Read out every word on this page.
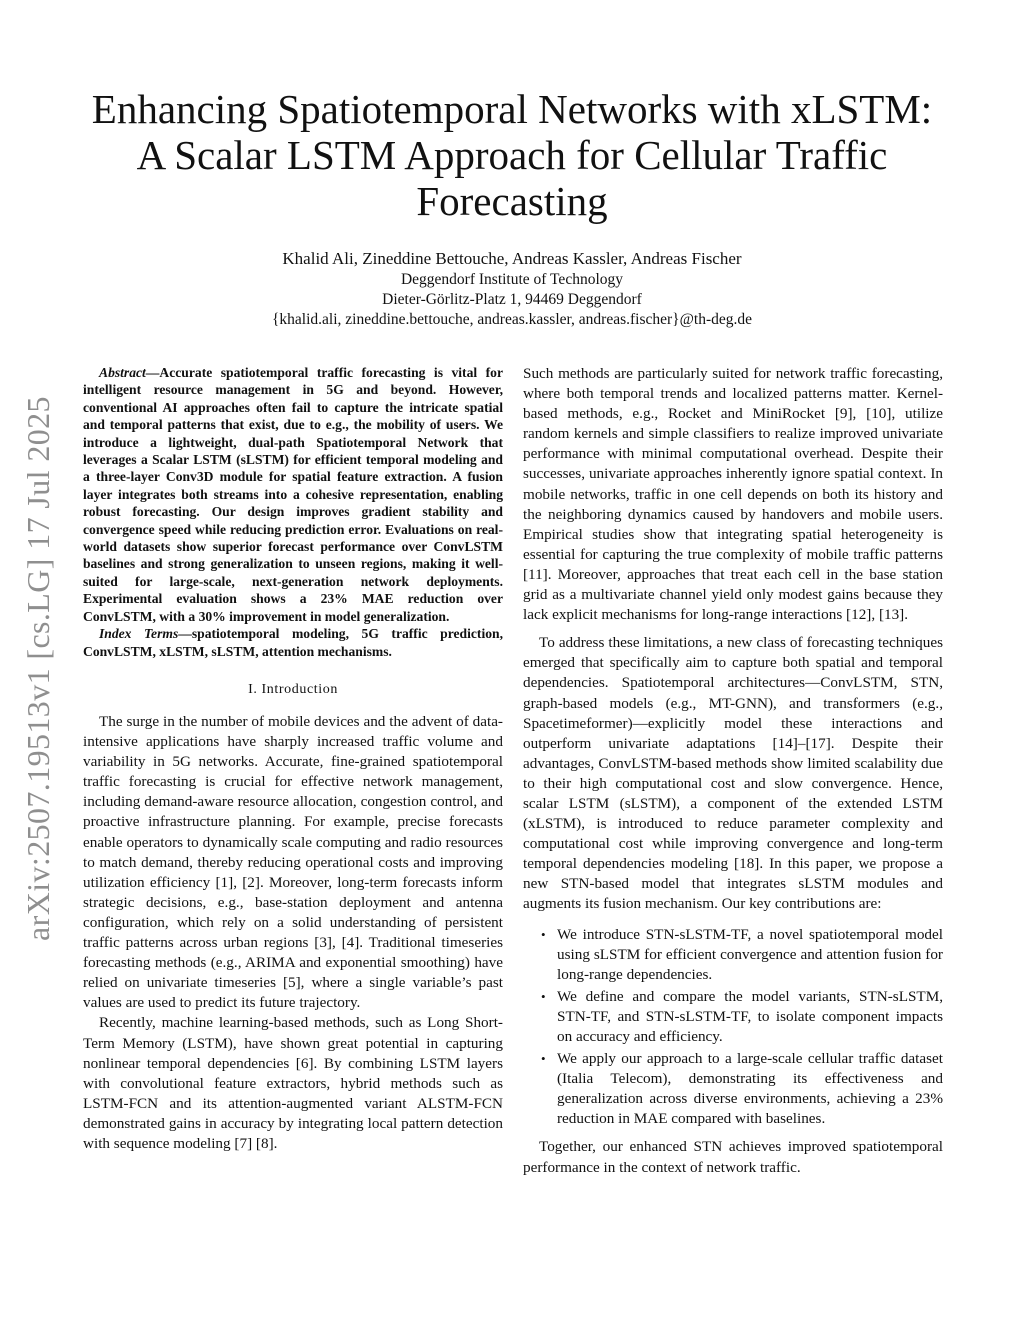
arXiv:2507.19513v1 [cs.LG] 17 Jul 2025

Enhancing Spatiotemporal Networks with xLSTM:

A Scalar LSTM Approach for Cellular Traffic

Forecasting

Khalid Ali, Zineddine Bettouche, Andreas Kassler, Andreas Fischer
Deggendorf Institute of Technology
Dieter-Görlitz-Platz 1, 94469 Deggendorf
{khalid.ali, zineddine.bettouche, andreas.kassler, andreas.fischer}@th-deg.de

Abstract—Accurate spatiotemporal traffic forecasting is vital for intelligent resource management in 5G and beyond. However, conventional AI approaches often fail to capture the intricate spatial and temporal patterns that exist, due to e.g., the mobility of users. We introduce a lightweight, dual-path Spatiotemporal Network that leverages a Scalar LSTM (sLSTM) for efficient temporal modeling and a three-layer Conv3D module for spatial feature extraction. A fusion layer integrates both streams into a cohesive representation, enabling robust forecasting. Our design improves gradient stability and convergence speed while reducing prediction error. Evaluations on real-world datasets show superior forecast performance over ConvLSTM baselines and strong generalization to unseen regions, making it well-suited for large-scale, next-generation network deployments. Experimental evaluation shows a 23% MAE reduction over ConvLSTM, with a 30% improvement in model generalization.

Index Terms—spatiotemporal modeling, 5G traffic prediction, ConvLSTM, xLSTM, sLSTM, attention mechanisms.

I. Introduction

The surge in the number of mobile devices and the advent of data-intensive applications have sharply increased traffic volume and variability in 5G networks. Accurate, fine-grained spatiotemporal traffic forecasting is crucial for effective network management, including demand-aware resource allocation, congestion control, and proactive infrastructure planning. For example, precise forecasts enable operators to dynamically scale computing and radio resources to match demand, thereby reducing operational costs and improving utilization efficiency [1], [2]. Moreover, long-term forecasts inform strategic decisions, e.g., base-station deployment and antenna configuration, which rely on a solid understanding of persistent traffic patterns across urban regions [3], [4]. Traditional timeseries forecasting methods (e.g., ARIMA and exponential smoothing) have relied on univariate timeseries [5], where a single variable’s past values are used to predict its future trajectory.

Recently, machine learning-based methods, such as Long Short-Term Memory (LSTM), have shown great potential in capturing nonlinear temporal dependencies [6]. By combining LSTM layers with convolutional feature extractors, hybrid methods such as LSTM-FCN and its attention-augmented variant ALSTM-FCN demonstrated gains in accuracy by integrating local pattern detection with sequence modeling [7] [8].

Such methods are particularly suited for network traffic forecasting, where both temporal trends and localized patterns matter. Kernel-based methods, e.g., Rocket and MiniRocket [9], [10], utilize random kernels and simple classifiers to realize improved univariate performance with minimal computational overhead. Despite their successes, univariate approaches inherently ignore spatial context. In mobile networks, traffic in one cell depends on both its history and the neighboring dynamics caused by handovers and mobile users. Empirical studies show that integrating spatial heterogeneity is essential for capturing the true complexity of mobile traffic patterns [11]. Moreover, approaches that treat each cell in the base station grid as a multivariate channel yield only modest gains because they lack explicit mechanisms for long-range interactions [12], [13].

To address these limitations, a new class of forecasting techniques emerged that specifically aim to capture both spatial and temporal dependencies. Spatiotemporal architectures—ConvLSTM, STN, graph-based models (e.g., MT-GNN), and transformers (e.g., Spacetimeformer)—explicitly model these interactions and outperform univariate adaptations [14]–[17]. Despite their advantages, ConvLSTM-based methods show limited scalability due to their high computational cost and slow convergence. Hence, scalar LSTM (sLSTM), a component of the extended LSTM (xLSTM), is introduced to reduce parameter complexity and computational cost while improving convergence and long-term temporal dependencies modeling [18]. In this paper, we propose a new STN-based model that integrates sLSTM modules and augments its fusion mechanism. Our key contributions are:

• We introduce STN-sLSTM-TF, a novel spatiotemporal model using sLSTM for efficient convergence and attention fusion for long-range dependencies.
• We define and compare the model variants, STN-sLSTM, STN-TF, and STN-sLSTM-TF, to isolate component impacts on accuracy and efficiency.
• We apply our approach to a large-scale cellular traffic dataset (Italia Telecom), demonstrating its effectiveness and generalization across diverse environments, achieving a 23% reduction in MAE compared with baselines.

Together, our enhanced STN achieves improved spatiotemporal performance in the context of network traffic.
